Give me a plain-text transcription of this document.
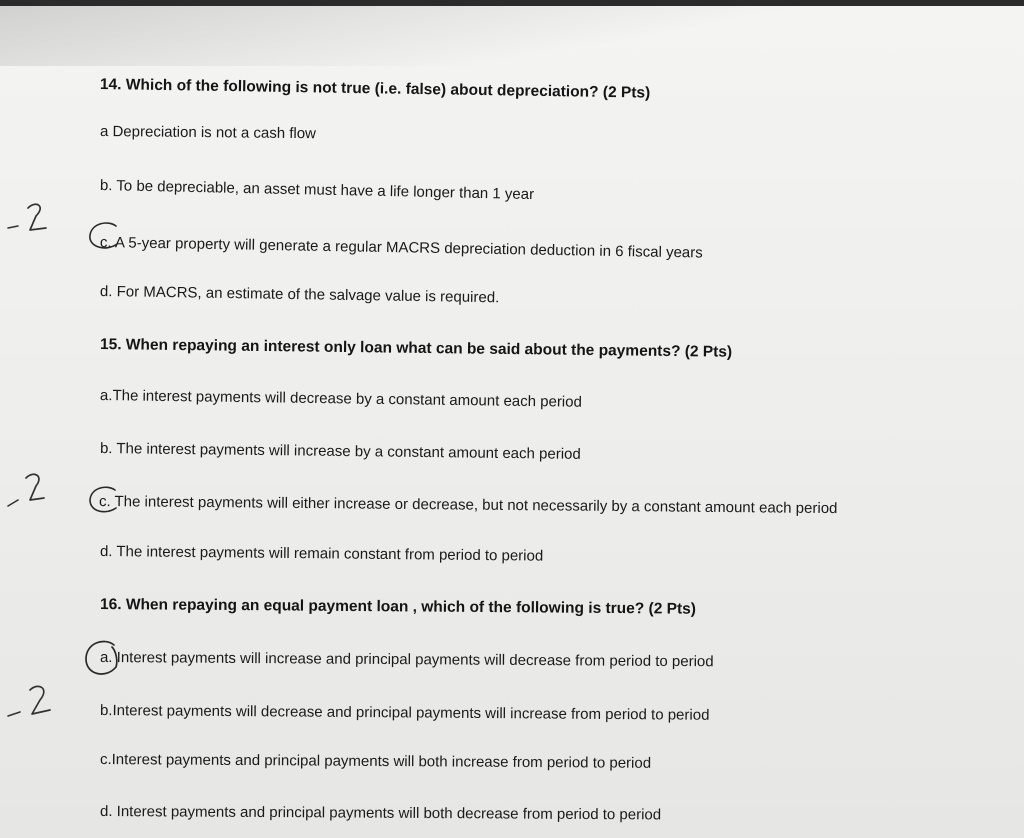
14. Which of the following is not true (i.e. false) about depreciation? (2 Pts)
a Depreciation is not a cash flow
b. To be depreciable, an asset must have a life longer than 1 year
c. A 5-year property will generate a regular MACRS depreciation deduction in 6 fiscal years
d. For MACRS, an estimate of the salvage value is required.
15. When repaying an interest only loan what can be said about the payments? (2 Pts)
a.The interest payments will decrease by a constant amount each period
b. The interest payments will increase by a constant amount each period
c. The interest payments will either increase or decrease, but not necessarily by a constant amount each period
d. The interest payments will remain constant from period to period
16. When repaying an equal payment loan , which of the following is true? (2 Pts)
a. Interest payments will increase and principal payments will decrease from period to period
b.Interest payments will decrease and principal payments will increase from period to period
c.Interest payments and principal payments will both increase from period to period
d. Interest payments and principal payments will both decrease from period to period
